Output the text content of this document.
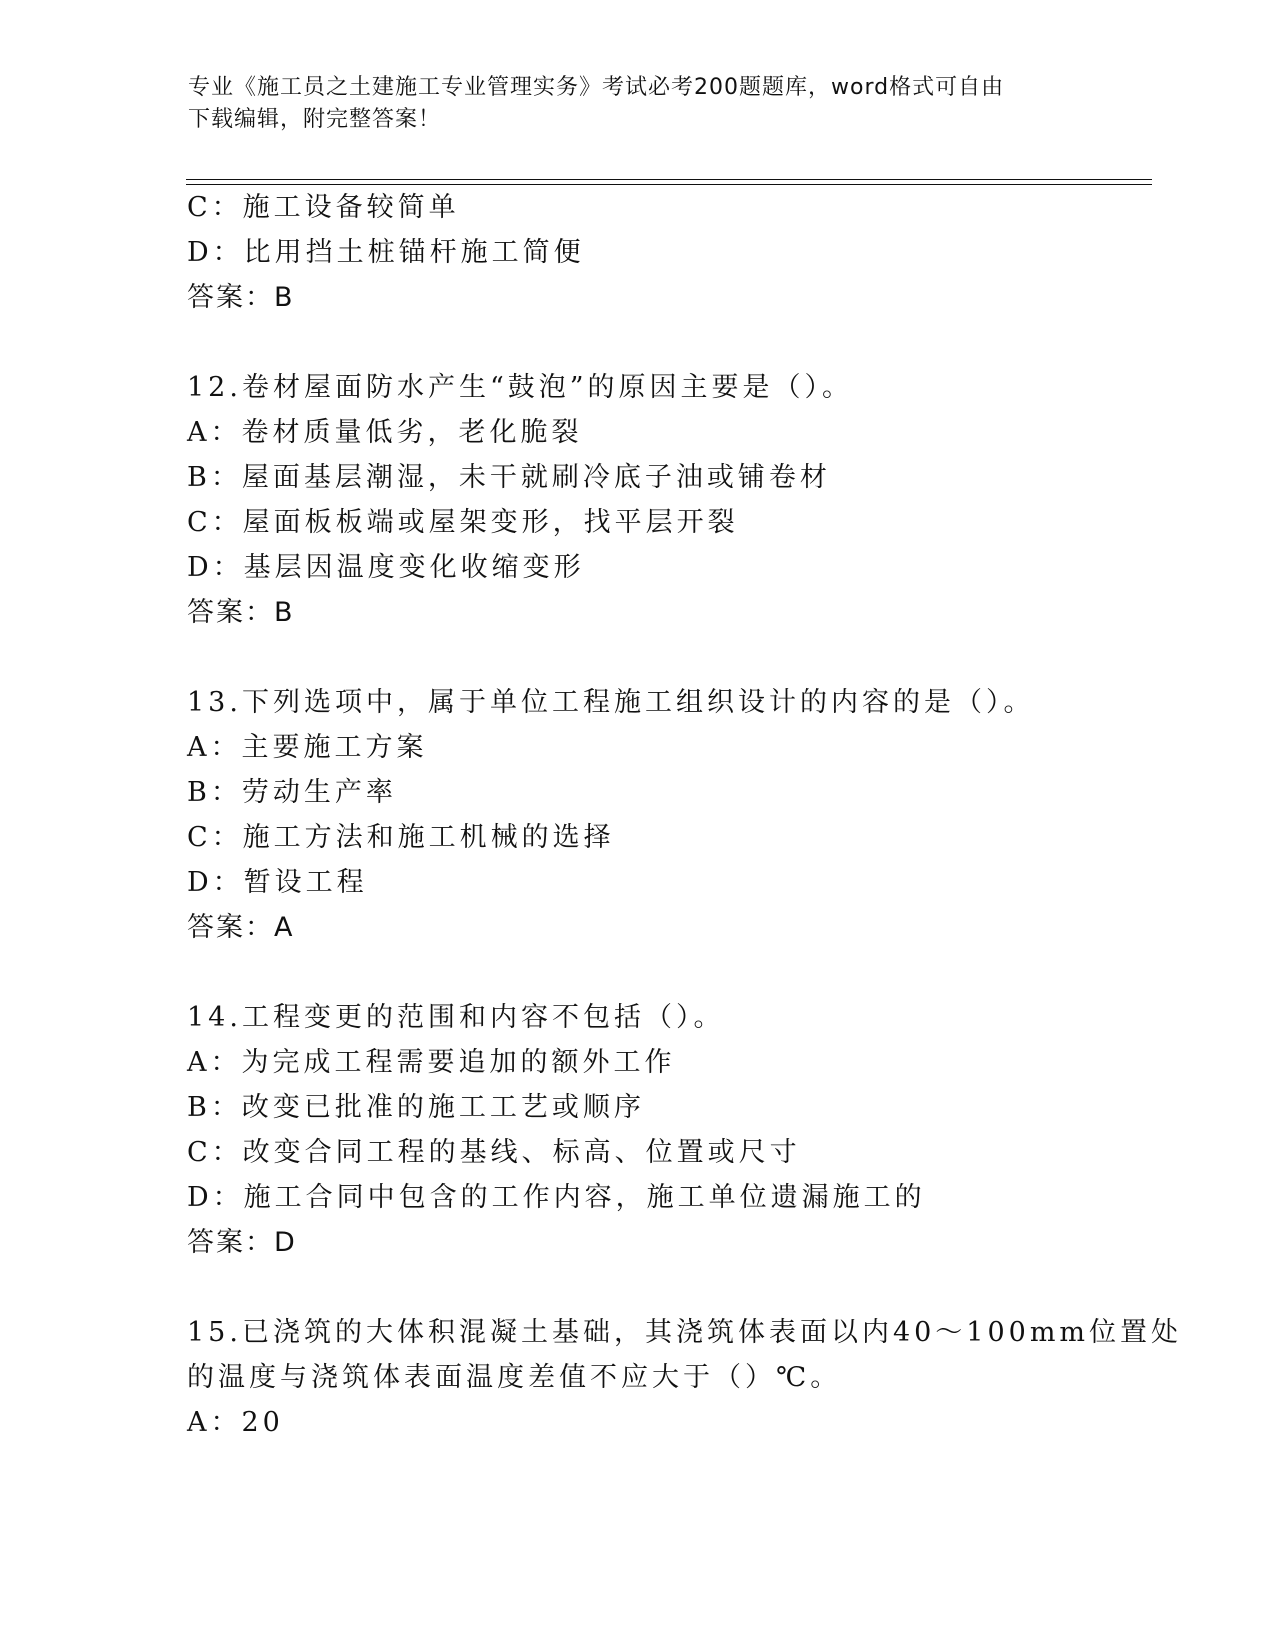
专业《施工员之土建施工专业管理实务》考试必考200题题库，word格式可自由
下载编辑，附完整答案！
C：施工设备较简单
D：比用挡土桩锚杆施工简便
答案：B
12.卷材屋面防水产生“鼓泡”的原因主要是（）。
A：卷材质量低劣，老化脆裂
B：屋面基层潮湿，未干就刷冷底子油或铺卷材
C：屋面板板端或屋架变形，找平层开裂
D：基层因温度变化收缩变形
答案：B
13.下列选项中，属于单位工程施工组织设计的内容的是（）。
A：主要施工方案
B：劳动生产率
C：施工方法和施工机械的选择
D：暂设工程
答案：A
14.工程变更的范围和内容不包括（）。
A：为完成工程需要追加的额外工作
B：改变已批准的施工工艺或顺序
C：改变合同工程的基线、标高、位置或尺寸
D：施工合同中包含的工作内容，施工单位遗漏施工的
答案：D
15.已浇筑的大体积混凝土基础，其浇筑体表面以内40～100mm位置处
的温度与浇筑体表面温度差值不应大于（）℃。
A：20
